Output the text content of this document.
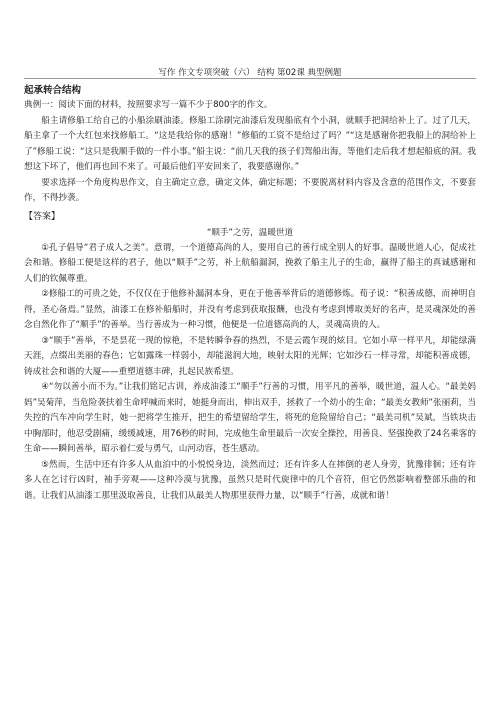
写作 作文专项突破（六） 结构 第02课 典型例题
起承转合结构

典例一：阅读下面的材料，按照要求写一篇不少于800字的作文。

船主请修船工给自己的小船涂刷油漆。修船工涂刷完油漆后发现船底有个小洞，就顺手把洞给补上了。过了几天，船主拿了一个大红包来找修船工。“这是我给你的感谢！”修船的工资不是给过了吗？”“这是感谢你把我船上的洞给补上了”修船工说：“这只是我顺手做的一件小事。”船主说：“前几天我的孩子们驾船出海，等他们走后我才想起船底的洞。我想这下坏了，他们再也回不来了。可最后他们平安回来了，我要感谢你。”

要求选择一个角度构思作文，自主确定立意，确定文体，确定标题；不要脱离材料内容及含意的范围作文，不要套作，不得抄袭。

【答案】
“顺手”之劳，温暖世道

①孔子倡导“君子成人之美”。意谓，一个道德高尚的人，要用自己的善行成全别人的好事。温暖世道人心，促成社会和谐。修船工便是这样的君子，他以“顺手”之劳，补上航船漏洞，挽救了船主儿子的生命，赢得了船主的真诚感谢和人们的钦佩尊重。

②修船工的可贵之处，不仅仅在于他修补漏洞本身，更在于他善举背后的道德修炼。荀子说：“积善成德，而神明自得，圣心备焉。”显然，油漆工在修补船船时，并没有考虑到获取报酬，也没有考虑到博取美好的名声，是灵魂深处的善念自然化作了“顺手”的善举。当行善成为一种习惯，他便是一位道德高尚的人，灵魂高贵的人。

③“顺手”善举，不是昙花一现的惊艳，不是转瞬争春的热烈，不是云霞乍现的炫目。它如小草一样平凡，却能绿满天涯，点缀出美丽的春色；它如露珠一样弱小，却能滋润大地，映射太阳的光辉；它如沙石一样寻常，却能积善成德，铸成社会和谐的大厦——重塑道德丰碑，扎起民族希望。

④“勿以善小而不为。”让我们铭记古训，养成油漆工“顺手”行善的习惯，用平凡的善举，暖世道，温人心。“最美妈妈”吴菊萍，当危险袭扶着生命呼喊而来时，她挺身而出，伸出双手，拯救了一个幼小的生命；“最美女教师”张丽莉，当失控的汽车冲向学生时，她一把将学生推开，把生的希望留给学生，将死的危险留给自己；“最美司机”吴斌，当铁块击中胸部时，他忍受剧痛，缓缓减速，用76秒的时间，完成他生命里最后一次安全操控，用善良、坚强挽救了24名乘客的生命——瞬间善举，昭示着仁爱与勇气，山河动容，苍生感动。

⑤然而，生活中还有许多人从血泊中的小悦悦身边，淡然而过；还有许多人在摔倒的老人身旁，犹豫徘徊；还有许多人在乞讨行凶时，袖手旁观——这种冷漠与犹豫，虽然只是时代旋律中的几个音符，但它仍然影响着整部乐曲的和谐。让我们从油漆工那里汲取善良，让我们从最美人物那里获得力量，以“顺手”行善，成就和谐！
